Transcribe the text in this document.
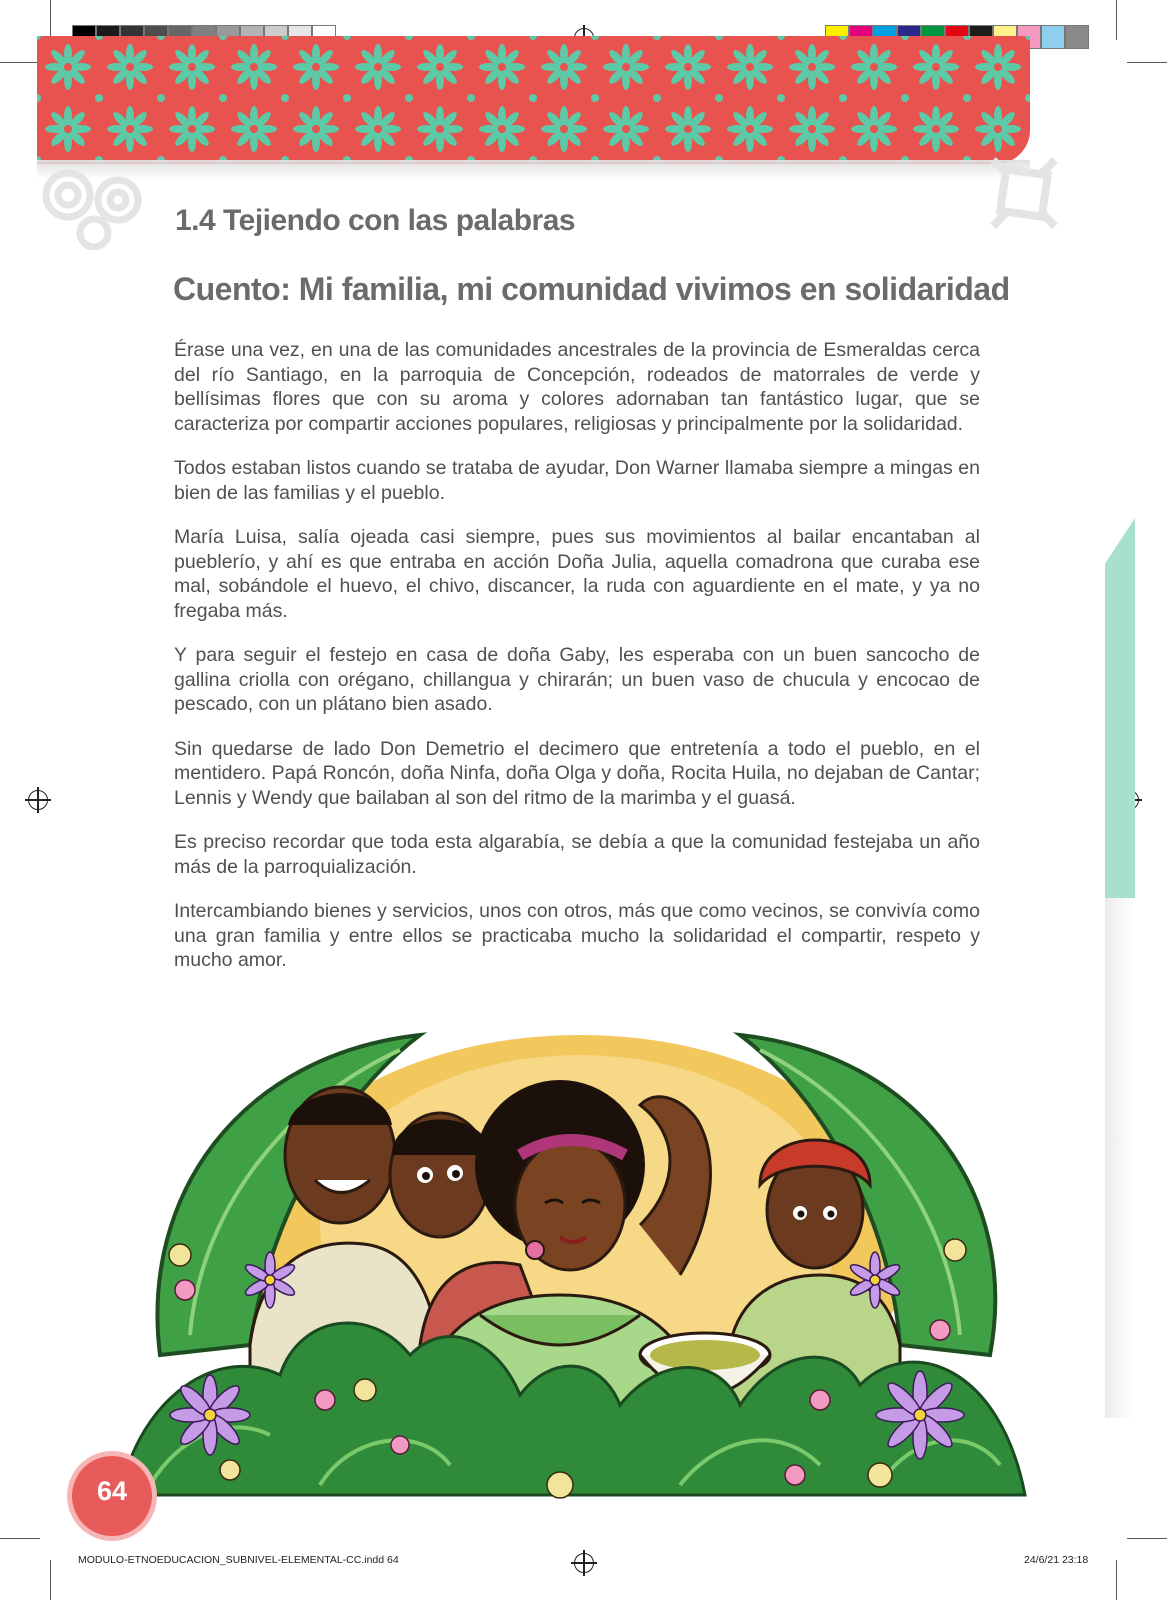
1.4 Tejiendo con las palabras
Cuento: Mi familia, mi comunidad vivimos en solidaridad

Érase una vez, en una de las comunidades ancestrales de la provincia de Esmeraldas cerca del río Santiago, en la parroquia de Concepción, rodeados de matorrales de verde y bellísimas flores que con su aroma y colores adornaban tan fantástico lugar, que se caracteriza por compartir acciones populares, religiosas y principalmente por la solidaridad.

Todos estaban listos cuando se trataba de ayudar, Don Warner llamaba siempre a mingas en bien de las familias y el pueblo.

María Luisa, salía ojeada casi siempre, pues sus movimientos al bailar encantaban al pueblerío, y ahí es que entraba en acción Doña Julia, aquella comadrona que curaba ese mal, sobándole el huevo, el chivo, discancer, la ruda con aguardiente en el mate, y ya no fregaba más.

Y para seguir el festejo en casa de doña Gaby, les esperaba con un buen sancocho de gallina criolla con orégano, chillangua y chirarán; un buen vaso de chucula y encocao de pescado, con un plátano bien asado.

Sin quedarse de lado Don Demetrio el decimero que entretenía a todo el pueblo, en el mentidero. Papá Roncón, doña Ninfa, doña Olga y doña, Rocita Huila, no dejaban de Cantar; Lennis y Wendy que bailaban al son del ritmo de la marimba y el guasá.

Es preciso recordar que toda esta algarabía, se debía a que la comunidad festejaba un año más de la parroquialización.

Intercambiando bienes y servicios, unos con otros, más que como vecinos, se convivía como una gran familia y entre ellos se practicaba mucho la solidaridad el compartir, respeto y mucho amor.

64
MODULO-ETNOEDUCACION_SUBNIVEL-ELEMENTAL-CC.indd 64	24/6/21 23:18
